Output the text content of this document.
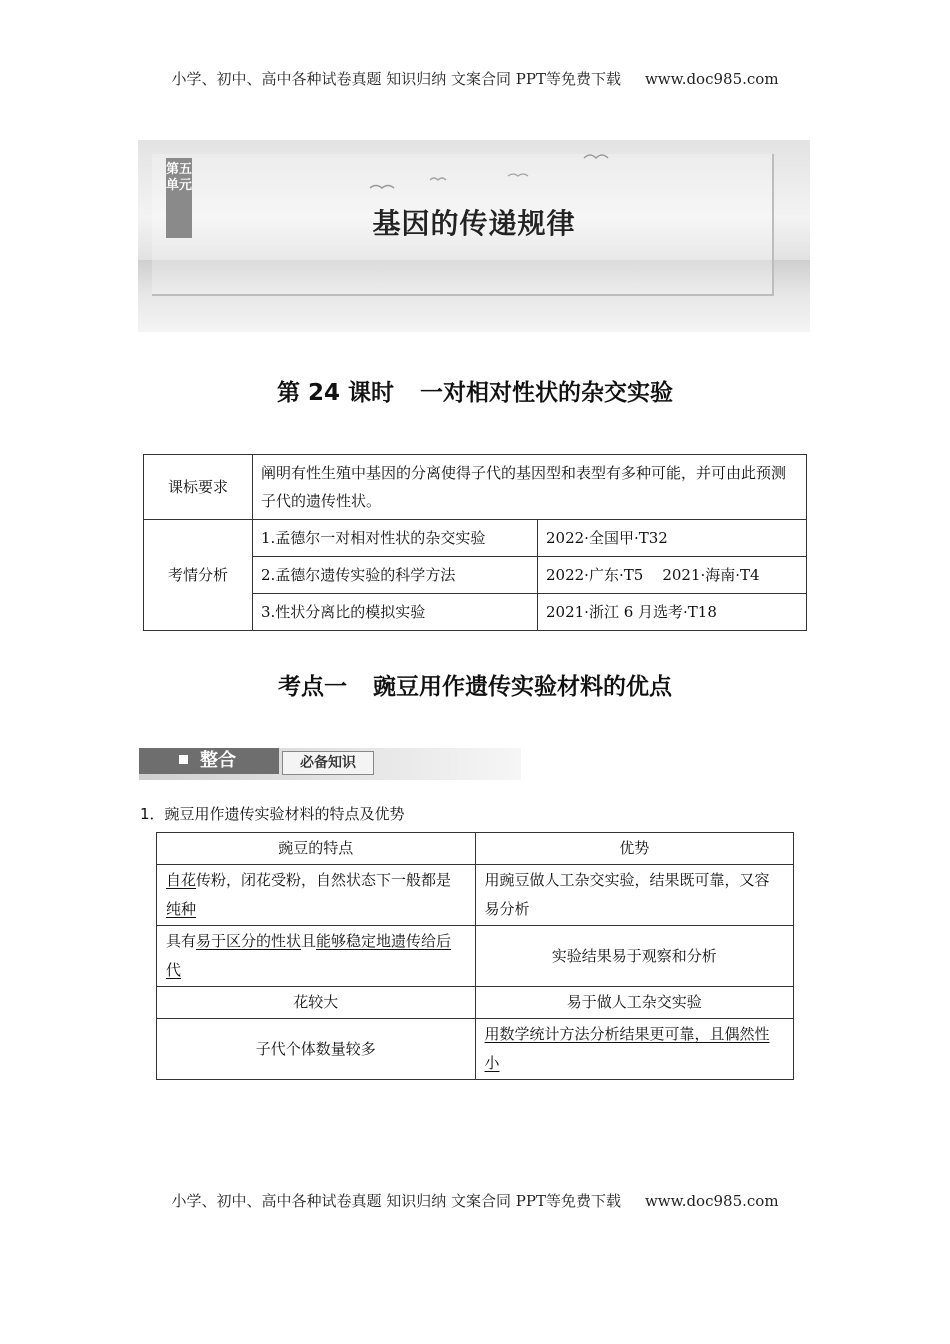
小学、初中、高中各种试卷真题 知识归纳 文案合同 PPT等免费下载 www.doc985.com
第五单元
基因的传递规律
第 24 课时 一对相对性状的杂交实验
课标要求	阐明有性生殖中基因的分离使得子代的基因型和表型有多种可能，并可由此预测子代的遗传性状。	
考情分析	1.孟德尔一对相对性状的杂交实验	2022·全国甲·T32
	2.孟德尔遗传实验的科学方法	2022·广东·T5    2021·海南·T4
	3.性状分离比的模拟实验	2021·浙江 6 月选考·T18
考点一 豌豆用作遗传实验材料的优点
整合	必备知识
1．豌豆用作遗传实验材料的特点及优势
豌豆的特点	优势
自花传粉，闭花受粉，自然状态下一般都是纯种	用豌豆做人工杂交实验，结果既可靠，又容易分析
具有易于区分的性状且能够稳定地遗传给后代	实验结果易于观察和分析
花较大	易于做人工杂交实验
子代个体数量较多	用数学统计方法分析结果更可靠，且偶然性小
小学、初中、高中各种试卷真题 知识归纳 文案合同 PPT等免费下载 www.doc985.com
